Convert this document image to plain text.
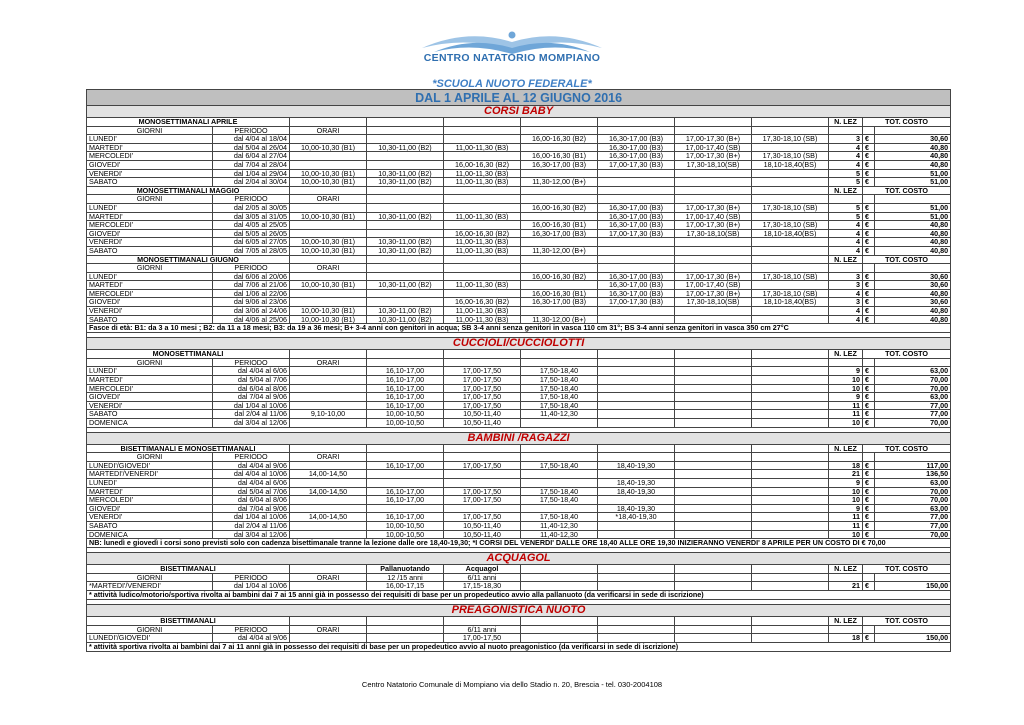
CENTRO NATATORIO MOMPIANO
*SCUOLA NUOTO FEDERALE*
DAL 1 APRILE AL 12 GIUGNO 2016											
CORSI BABY											
MONOSETTIMANALI APRILE									N. LEZ	TOT. COSTO	
GIORNI	PERIODO	ORARI									
LUNEDI'	dal 4/04 al 18/04				16,00-16,30 (B2)	16,30-17,00 (B3)	17,00-17,30 (B+)	17,30-18,10 (SB)	3	€	30,60
MARTEDI'	dal 5/04 al 26/04	10,00-10,30 (B1)	10,30-11,00 (B2)	11,00-11,30 (B3)		16,30-17,00 (B3)	17,00-17,40 (SB)		4	€	40,80
MERCOLEDI'	dal 6/04 al 27/04				16,00-16,30 (B1)	16,30-17,00 (B3)	17,00-17,30 (B+)	17,30-18,10 (SB)	4	€	40,80
GIOVEDI'	dal 7/04 al 28/04			16,00-16,30 (B2)	16,30-17,00 (B3)	17,00-17,30 (B3)	17,30-18,10(SB)	18,10-18,40(BS)	4	€	40,80
VENERDI'	dal 1/04 al 29/04	10,00-10,30 (B1)	10,30-11,00 (B2)	11,00-11,30 (B3)					5	€	51,00
SABATO	dal 2/04 al 30/04	10,00-10,30 (B1)	10,30-11,00 (B2)	11,00-11,30 (B3)	11,30-12,00 (B+)				5	€	51,00
MONOSETTIMANALI MAGGIO									N. LEZ	TOT. COSTO	
GIORNI	PERIODO	ORARI									
LUNEDI'	dal 2/05 al 30/05				16,00-16,30 (B2)	16,30-17,00 (B3)	17,00-17,30 (B+)	17,30-18,10 (SB)	5	€	51,00
MARTEDI'	dal 3/05 al 31/05	10,00-10,30 (B1)	10,30-11,00 (B2)	11,00-11,30 (B3)		16,30-17,00 (B3)	17,00-17,40 (SB)		5	€	51,00
MERCOLEDI'	dal 4/05 al 25/05				16,00-16,30 (B1)	16,30-17,00 (B3)	17,00-17,30 (B+)	17,30-18,10 (SB)	4	€	40,80
GIOVEDI'	dal 5/05 al 26/05			16,00-16,30 (B2)	16,30-17,00 (B3)	17,00-17,30 (B3)	17,30-18,10(SB)	18,10-18,40(BS)	4	€	40,80
VENERDI'	dal 6/05 al 27/05	10,00-10,30 (B1)	10,30-11,00 (B2)	11,00-11,30 (B3)					4	€	40,80
SABATO	dal 7/05 al 28/05	10,00-10,30 (B1)	10,30-11,00 (B2)	11,00-11,30 (B3)	11,30-12,00 (B+)				4	€	40,80
MONOSETTIMANALI GIUGNO									N. LEZ	TOT. COSTO	
GIORNI	PERIODO	ORARI									
LUNEDI'	dal 6/06 al 20/06				16,00-16,30 (B2)	16,30-17,00 (B3)	17,00-17,30 (B+)	17,30-18,10 (SB)	3	€	30,60
MARTEDI'	dal 7/06 al 21/06	10,00-10,30 (B1)	10,30-11,00 (B2)	11,00-11,30 (B3)		16,30-17,00 (B3)	17,00-17,40 (SB)		3	€	30,60
MERCOLEDI'	dal 1/06 al 22/06				16,00-16,30 (B1)	16,30-17,00 (B3)	17,00-17,30 (B+)	17,30-18,10 (SB)	4	€	40,80
GIOVEDI'	dal 9/06 al 23/06			16,00-16,30 (B2)	16,30-17,00 (B3)	17,00-17,30 (B3)	17,30-18,10(SB)	18,10-18,40(BS)	3	€	30,60
VENERDI'	dal 3/06 al 24/06	10,00-10,30 (B1)	10,30-11,00 (B2)	11,00-11,30 (B3)					4	€	40,80
SABATO	dal 4/06 al 25/06	10,00-10,30 (B1)	10,30-11,00 (B2)	11,00-11,30 (B3)	11,30-12,00 (B+)				4	€	40,80
Fasce di età: B1: da 3 a 10 mesi ; B2: da 11 a 18 mesi; B3: da 19 a 36 mesi; B+ 3-4 anni con genitori in acqua; SB 3-4 anni senza genitori in vasca 110 cm 31°; BS 3-4 anni senza genitori in vasca 350 cm 27°C											

CUCCIOLI/CUCCIOLOTTI											
MONOSETTIMANALI									N. LEZ	TOT. COSTO	
GIORNI	PERIODO	ORARI									
LUNEDI'	dal 4/04 al 6/06		16,10-17,00	17,00-17,50	17,50-18,40				9	€	63,00
MARTEDI'	dal 5/04 al 7/06		16,10-17,00	17,00-17,50	17,50-18,40				10	€	70,00
MERCOLEDI'	dal 6/04 al 8/06		16,10-17,00	17,00-17,50	17,50-18,40				10	€	70,00
GIOVEDI'	dal 7/04 al 9/06		16,10-17,00	17,00-17,50	17,50-18,40				9	€	63,00
VENERDI'	dal 1/04 al 10/06		16,10-17,00	17,00-17,50	17,50-18,40				11	€	77,00
SABATO	dal 2/04 al 11/06	9,10-10,00	10,00-10,50	10,50-11,40	11,40-12,30				11	€	77,00
DOMENICA	dal 3/04 al 12/06		10,00-10,50	10,50-11,40					10	€	70,00

BAMBINI /RAGAZZI											
BISETTIMANALI E MONOSETTIMANALI									N. LEZ	TOT. COSTO	
GIORNI	PERIODO	ORARI									
LUNEDI'/GIOVEDI'	dal 4/04 al 9/06		16,10-17,00	17,00-17,50	17,50-18,40	18,40-19,30			18	€	117,00
MARTEDI'/VENERDI'	dal 4/04 al 10/06	14,00-14,50							21	€	136,50
LUNEDI'	dal 4/04 al 6/06					18,40-19,30			9	€	63,00
MARTEDI'	dal 5/04 al 7/06	14,00-14,50	16,10-17,00	17,00-17,50	17,50-18,40	18,40-19,30			10	€	70,00
MERCOLEDI'	dal 6/04 al 8/06		16,10-17,00	17,00-17,50	17,50-18,40				10	€	70,00
GIOVEDI'	dal 7/04 al 9/06					18,40-19,30			9	€	63,00
VENERDI'	dal 1/04 al 10/06	14,00-14,50	16,10-17,00	17,00-17,50	17,50-18,40	*18,40-19,30			11	€	77,00
SABATO	dal 2/04 al 11/06		10,00-10,50	10,50-11,40	11,40-12,30				11	€	77,00
DOMENICA	dal 3/04 al 12/06		10,00-10,50	10,50-11,40	11,40-12,30				10	€	70,00
NB: lunedì e giovedì i corsi sono previsti solo con cadenza bisettimanale tranne la lezione dalle ore 18,40-19,30; *I CORSI DEL VENERDI' DALLE ORE 18,40 ALLE ORE 19,30 INIZIERANNO VENERDI' 8 APRILE PER UN COSTO DI € 70,00											

ACQUAGOL											
BISETTIMANALI			Pallanuotando	Acquagol					N. LEZ	TOT. COSTO	
GIORNI	PERIODO	ORARI	12 /15 anni	6/11 anni							
*MARTEDI'/VENERDI'	dal 1/04 al 10/06		16,00-17,15	17,15-18,30					21	€	150,00
* attività ludico/motorio/sportiva rivolta ai bambini dai 7 ai 15 anni già in possesso dei requisiti di base per un propedeutico avvio alla pallanuoto (da verificarsi in sede di iscrizione)											

PREAGONISTICA NUOTO											
BISETTIMANALI									N. LEZ	TOT. COSTO	
GIORNI	PERIODO	ORARI		6/11 anni							
LUNEDI'/GIOVEDI'	dal 4/04 al 9/06			17,00-17,50					18	€	150,00
* attività sportiva rivolta ai bambini dai 7 ai 11 anni già in possesso dei requisiti di base per un propedeutico avvio al nuoto preagonistico (da verificarsi in sede di iscrizione)											
Centro Natatorio Comunale di Mompiano via dello Stadio n. 20, Brescia - tel. 030-2004108
